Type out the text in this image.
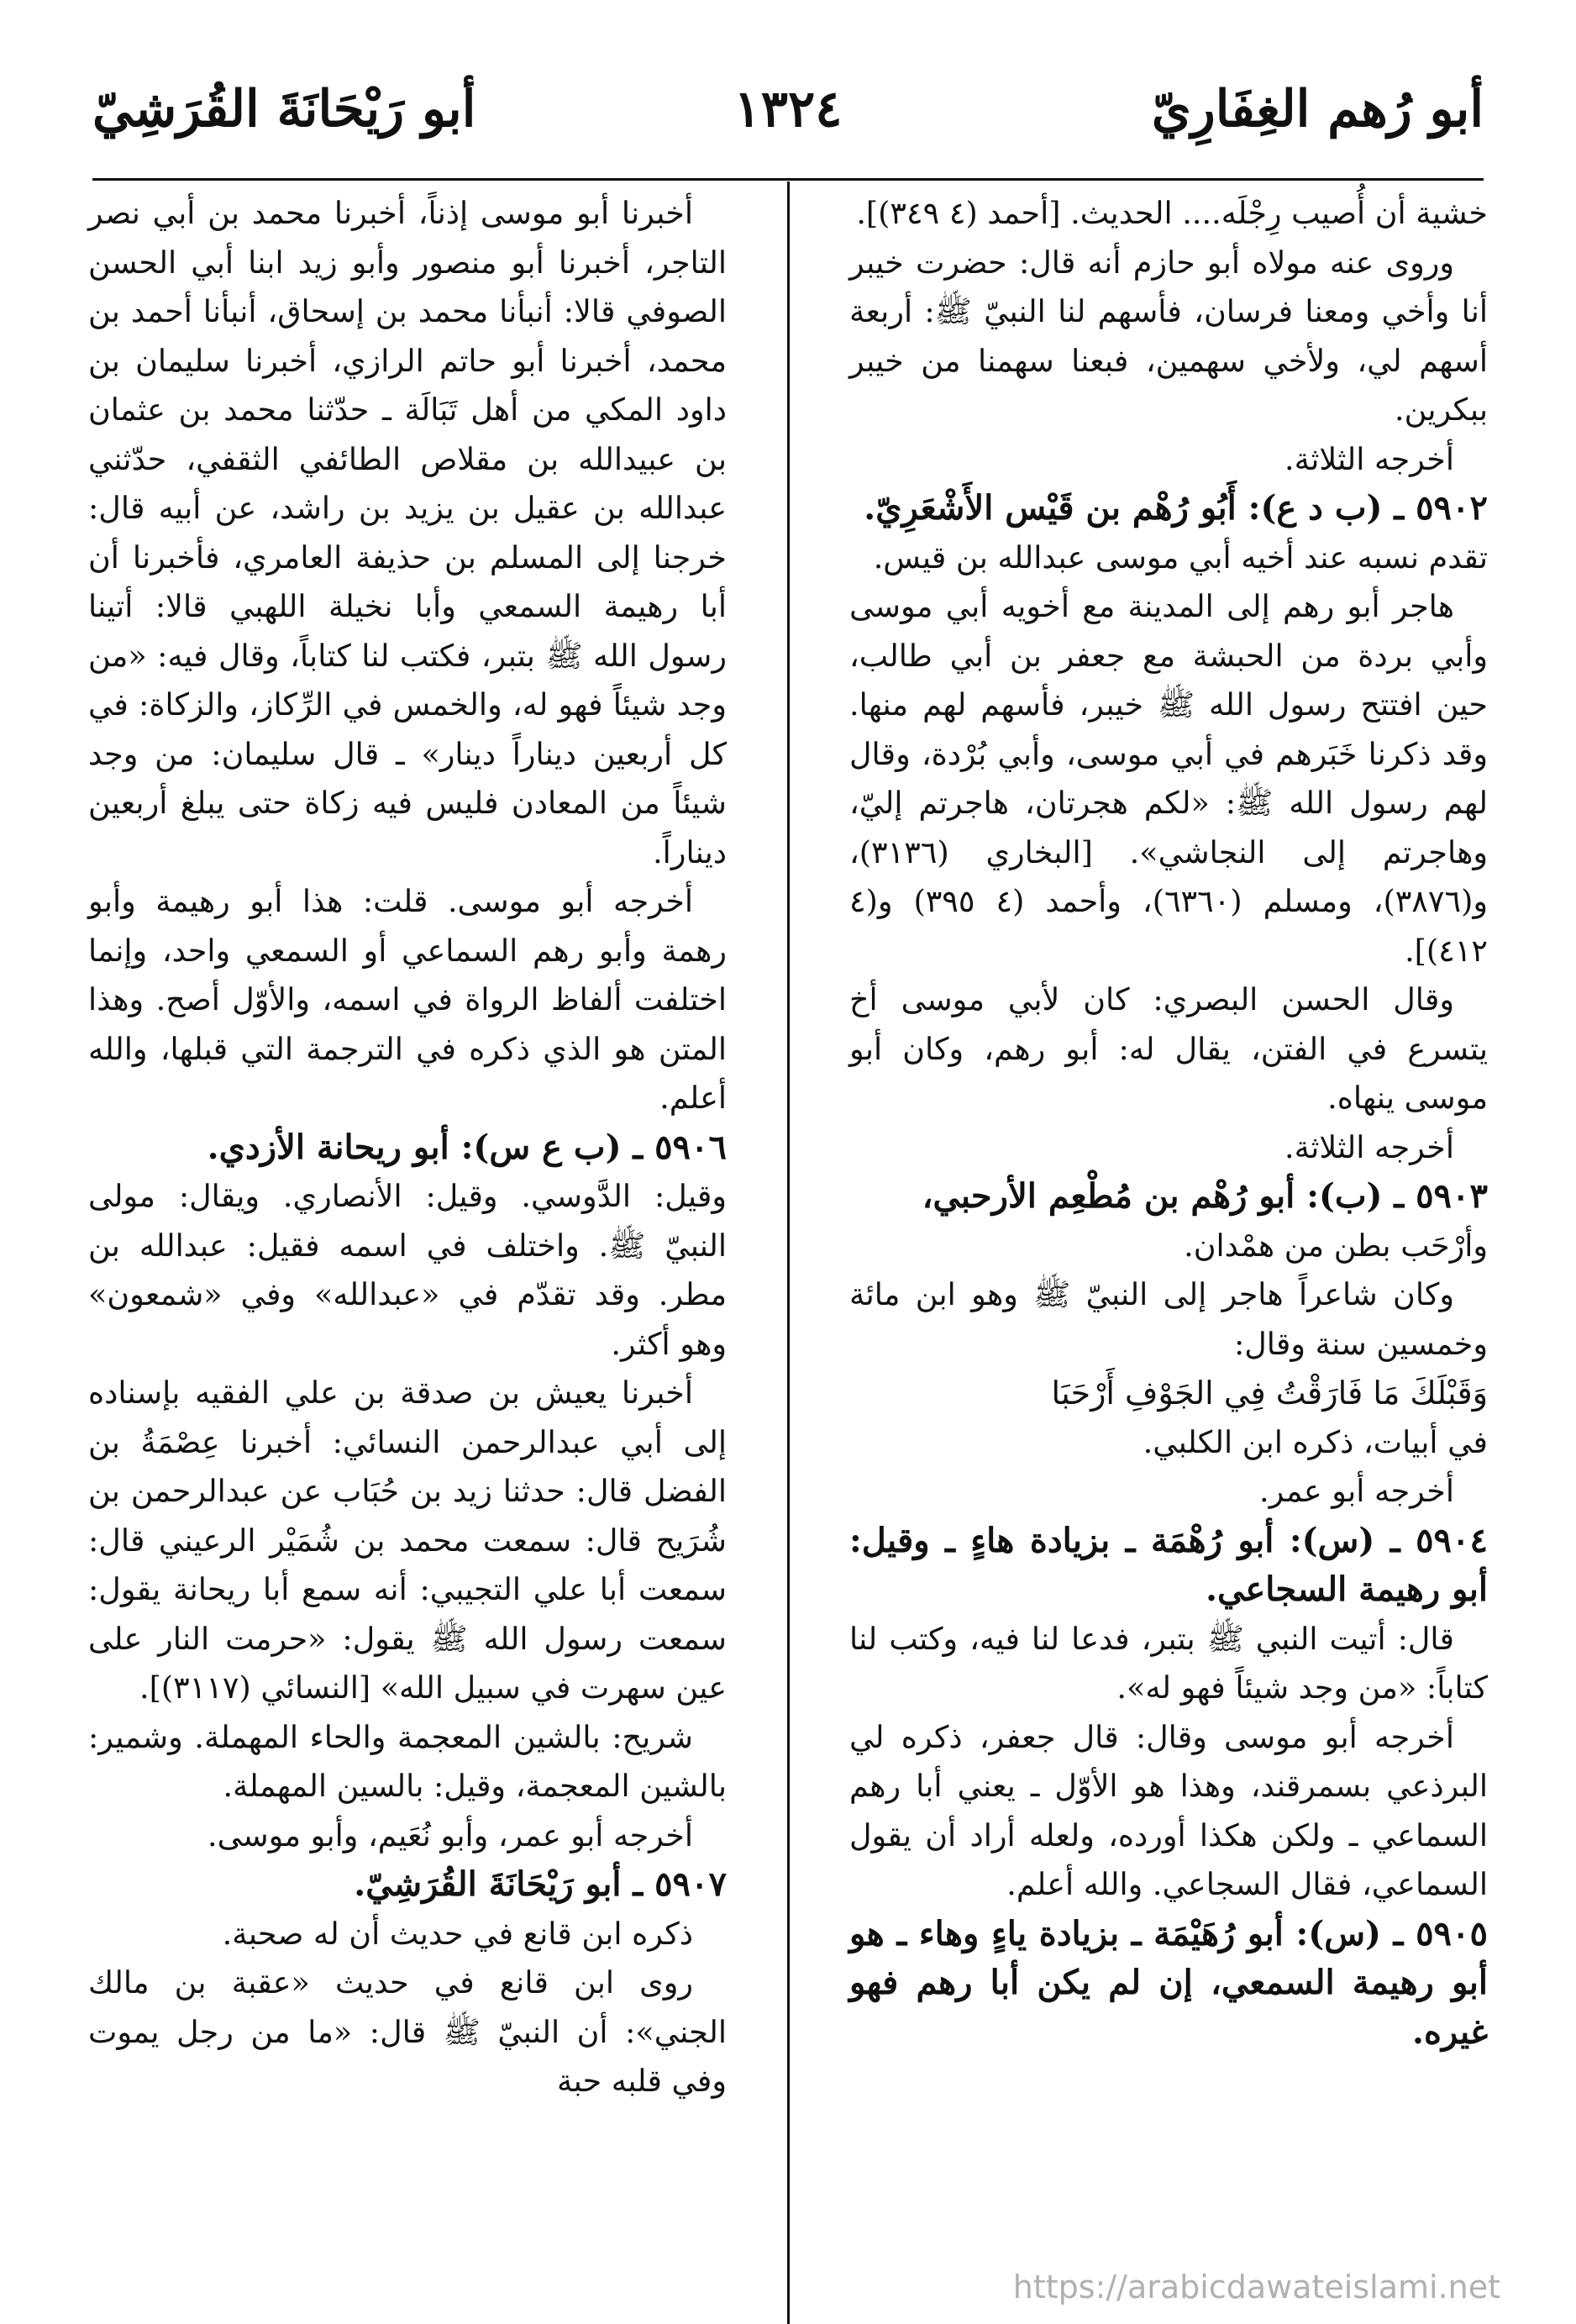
أبو رُهم الغِفَارِيّ
١٣٢٤
أبو رَيْحَانَةَ القُرَشِيّ

خشية أن أُصيب رِجْلَه.... الحديث. [أحمد (٤ ٣٤٩)].

وروى عنه مولاه أبو حازم أنه قال: حضرت خيبر أنا وأخي ومعنا فرسان، فأسهم لنا النبيّ ﷺ: أربعة أسهم لي، ولأخي سهمين، فبعنا سهمنا من خيبر ببكرين.

أخرجه الثلاثة.

٥٩٠٢ ـ (ب د ع): أَبُو رُهْم بن قَيْس الأَشْعَرِيّ.

تقدم نسبه عند أخيه أبي موسى عبدالله بن قيس.

هاجر أبو رهم إلى المدينة مع أخويه أبي موسى وأبي بردة من الحبشة مع جعفر بن أبي طالب، حين افتتح رسول الله ﷺ خيبر، فأسهم لهم منها. وقد ذكرنا خَبَرهم في أبي موسى، وأبي بُرْدة، وقال لهم رسول الله ﷺ: «لكم هجرتان، هاجرتم إليّ، وهاجرتم إلى النجاشي». [البخاري (٣١٣٦)، و(٣٨٧٦)، ومسلم (٦٣٦٠)، وأحمد (٤ ٣٩٥) و(٤ ٤١٢)].

وقال الحسن البصري: كان لأبي موسى أخ يتسرع في الفتن، يقال له: أبو رهم، وكان أبو موسى ينهاه.

أخرجه الثلاثة.

٥٩٠٣ ـ (ب): أبو رُهْم بن مُطْعِم الأرحبي،

وأرْحَب بطن من همْدان.

وكان شاعراً هاجر إلى النبيّ ﷺ وهو ابن مائة وخمسين سنة وقال:

وَقَبْلَكَ مَا فَارَقْتُ فِي الجَوْفِ أَرْحَبَا

في أبيات، ذكره ابن الكلبي.

أخرجه أبو عمر.

٥٩٠٤ ـ (س): أبو رُهْمَة ـ بزيادة هاءٍ ـ وقيل: أبو رهيمة السجاعي.

قال: أتيت النبي ﷺ بتبر، فدعا لنا فيه، وكتب لنا كتاباً: «من وجد شيئاً فهو له».

أخرجه أبو موسى وقال: قال جعفر، ذكره لي البرذعي بسمرقند، وهذا هو الأوّل ـ يعني أبا رهم السماعي ـ ولكن هكذا أورده، ولعله أراد أن يقول السماعي، فقال السجاعي. والله أعلم.

٥٩٠٥ ـ (س): أبو رُهَيْمَة ـ بزيادة ياءٍ وهاء ـ هو أبو رهيمة السمعي، إن لم يكن أبا رهم فهو غيره.

أخبرنا أبو موسى إذناً، أخبرنا محمد بن أبي نصر التاجر، أخبرنا أبو منصور وأبو زيد ابنا أبي الحسن الصوفي قالا: أنبأنا محمد بن إسحاق، أنبأنا أحمد بن محمد، أخبرنا أبو حاتم الرازي، أخبرنا سليمان بن داود المكي من أهل تَبَالَة ـ حدّثنا محمد بن عثمان بن عبيدالله بن مقلاص الطائفي الثقفي، حدّثني عبدالله بن عقيل بن يزيد بن راشد، عن أبيه قال: خرجنا إلى المسلم بن حذيفة العامري، فأخبرنا أن أبا رهيمة السمعي وأبا نخيلة اللهبي قالا: أتينا رسول الله ﷺ بتبر، فكتب لنا كتاباً، وقال فيه: «من وجد شيئاً فهو له، والخمس في الرِّكاز، والزكاة: في كل أربعين ديناراً دينار» ـ قال سليمان: من وجد شيئاً من المعادن فليس فيه زكاة حتى يبلغ أربعين ديناراً.

أخرجه أبو موسى. قلت: هذا أبو رهيمة وأبو رهمة وأبو رهم السماعي أو السمعي واحد، وإنما اختلفت ألفاظ الرواة في اسمه، والأوّل أصح. وهذا المتن هو الذي ذكره في الترجمة التي قبلها، والله أعلم.

٥٩٠٦ ـ (ب ع س): أبو ريحانة الأزدي.

وقيل: الدَّوسي. وقيل: الأنصاري. ويقال: مولى النبيّ ﷺ. واختلف في اسمه فقيل: عبدالله بن مطر. وقد تقدّم في «عبدالله» وفي «شمعون» وهو أكثر.

أخبرنا يعيش بن صدقة بن علي الفقيه بإسناده إلى أبي عبدالرحمن النسائي: أخبرنا عِصْمَةُ بن الفضل قال: حدثنا زيد بن حُبَاب عن عبدالرحمن بن شُرَيح قال: سمعت محمد بن شُمَيْر الرعيني قال: سمعت أبا علي التجيبي: أنه سمع أبا ريحانة يقول: سمعت رسول الله ﷺ يقول: «حرمت النار على عين سهرت في سبيل الله» [النسائي (٣١١٧)].

شريح: بالشين المعجمة والحاء المهملة. وشمير: بالشين المعجمة، وقيل: بالسين المهملة.

أخرجه أبو عمر، وأبو نُعَيم، وأبو موسى.

٥٩٠٧ ـ أبو رَيْحَانَةَ القُرَشِيّ.

ذكره ابن قانع في حديث أن له صحبة.

روى ابن قانع في حديث «عقبة بن مالك الجني»: أن النبيّ ﷺ قال: «ما من رجل يموت وفي قلبه حبة

https://arabicdawateislami.net
